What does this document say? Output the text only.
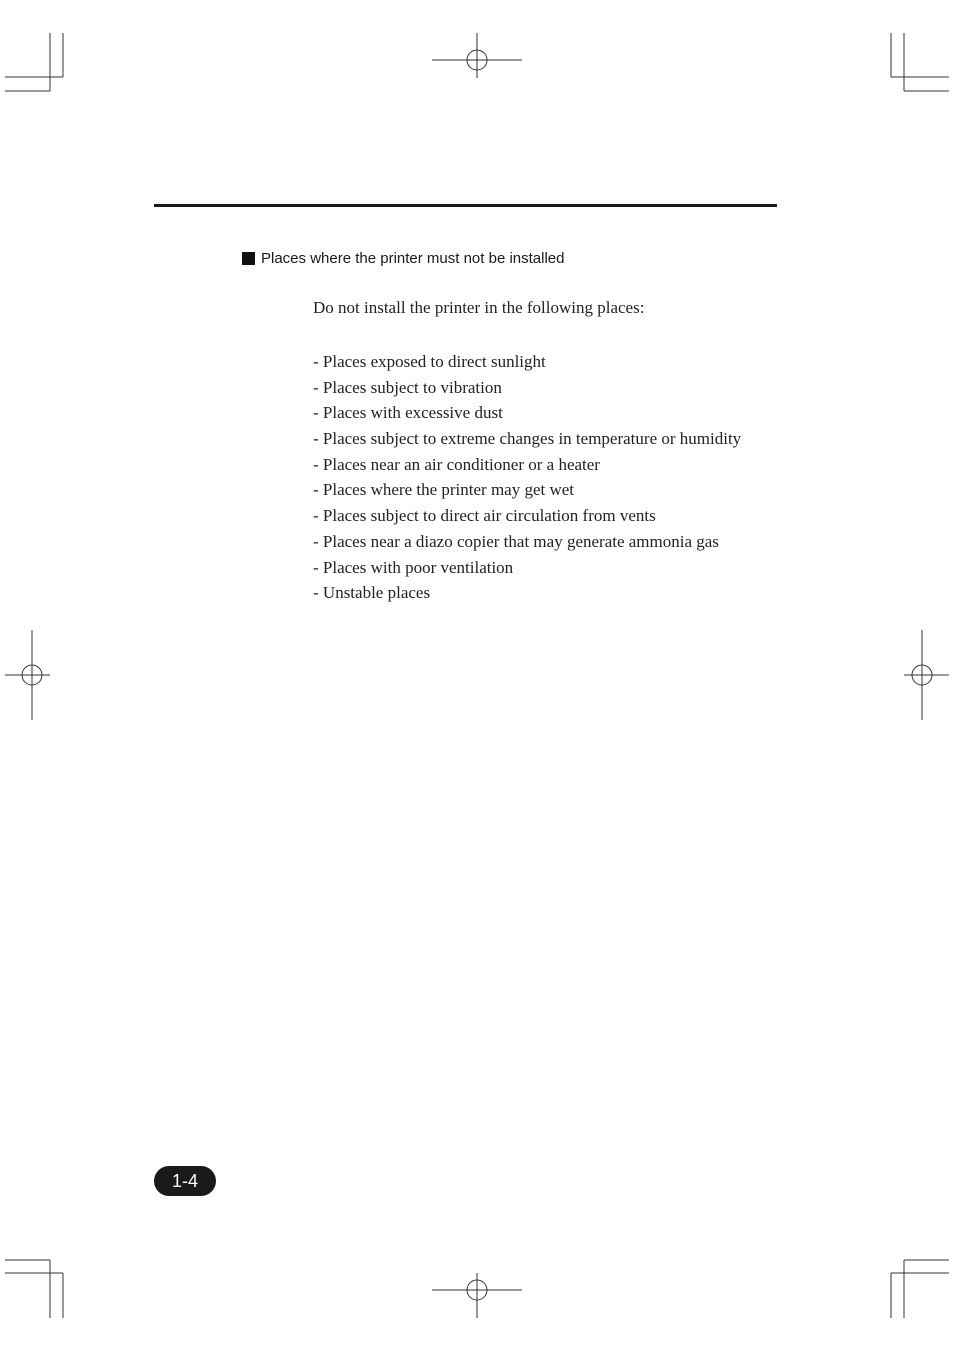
Places where the printer must not be installed
Do not install the printer in the following places:
- Places exposed to direct sunlight
- Places subject to vibration
- Places with excessive dust
- Places subject to extreme changes in temperature or humidity
- Places near an air conditioner or a heater
- Places where the printer may get wet
- Places subject to direct air circulation from vents
- Places near a diazo copier that may generate ammonia gas
- Places with poor ventilation
- Unstable places
1-4
